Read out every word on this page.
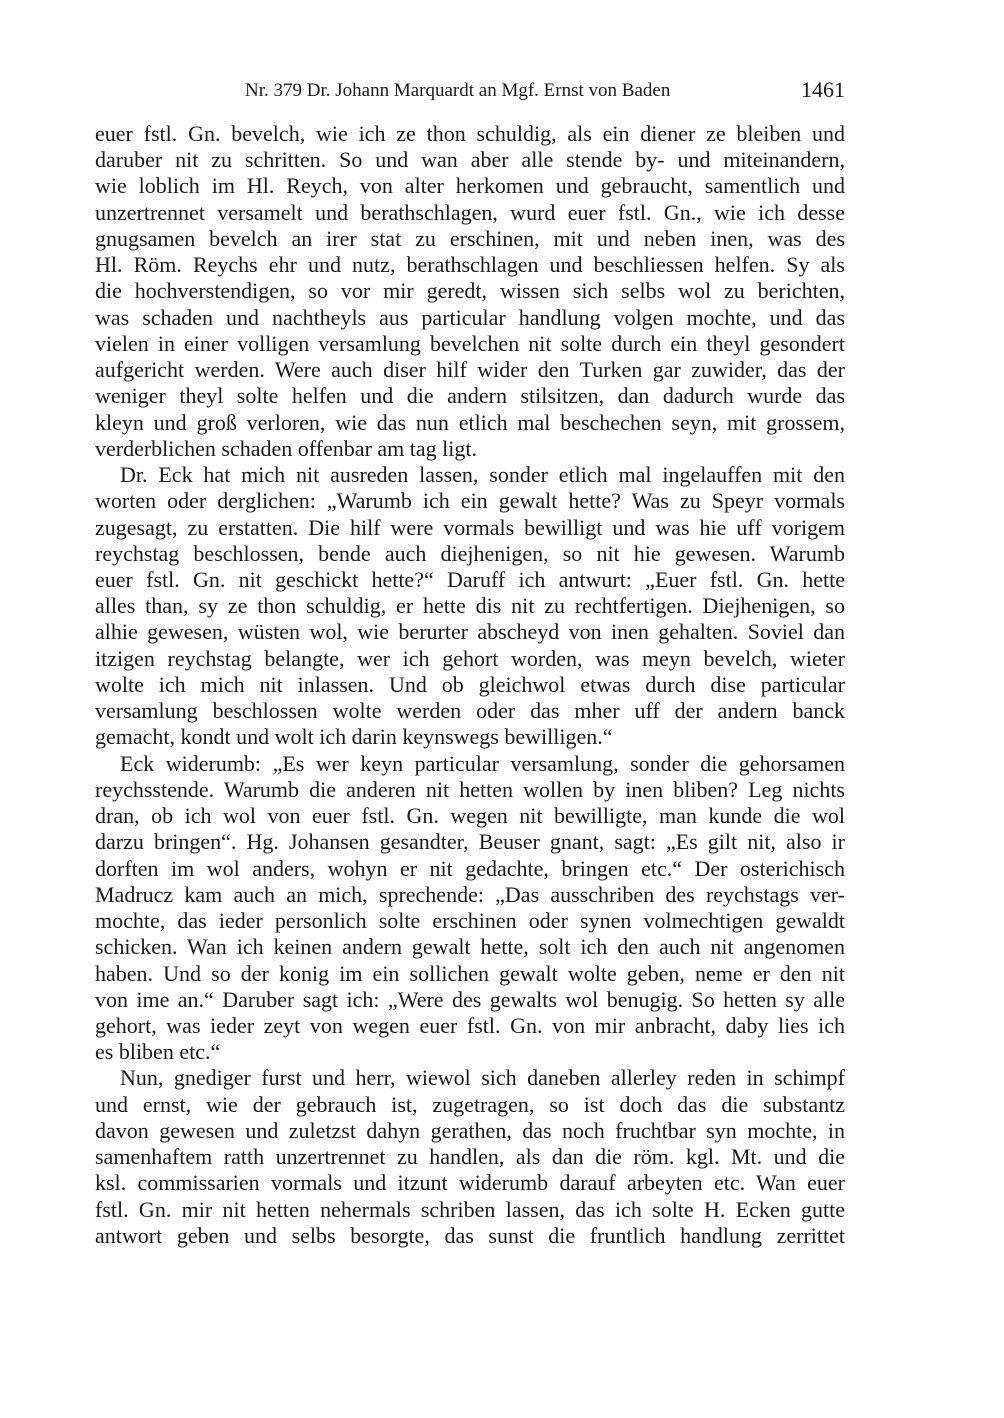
Nr. 379 Dr. Johann Marquardt an Mgf. Ernst von Baden	1461
euer fstl. Gn. bevelch, wie ich ze thon schuldig, als ein diener ze bleiben und
daruber nit zu schritten. So und wan aber alle stende by- und miteinandern,
wie loblich im Hl. Reych, von alter herkomen und gebraucht, samentlich und
unzertrennet versamelt und berathschlagen, wurd euer fstl. Gn., wie ich desse
gnugsamen bevelch an irer stat zu erschinen, mit und neben inen, was des
Hl. Röm. Reychs ehr und nutz, berathschlagen und beschliessen helfen. Sy als
die hochverstendigen, so vor mir geredt, wissen sich selbs wol zu berichten,
was schaden und nachtheyls aus particular handlung volgen mochte, und das
vielen in einer volligen versamlung bevelchen nit solte durch ein theyl gesondert
aufgericht werden. Were auch diser hilf wider den Turken gar zuwider, das der
weniger theyl solte helfen und die andern stilsitzen, dan dadurch wurde das
kleyn und groß verloren, wie das nun etlich mal beschechen seyn, mit grossem,
verderblichen schaden offenbar am tag ligt.
Dr. Eck hat mich nit ausreden lassen, sonder etlich mal ingelauffen mit den
worten oder derglichen: „Warumb ich ein gewalt hette? Was zu Speyr vormals
zugesagt, zu erstatten. Die hilf were vormals bewilligt und was hie uff vorigem
reychstag beschlossen, bende auch diejhenigen, so nit hie gewesen. Warumb
euer fstl. Gn. nit geschickt hette?“ Daruff ich antwurt: „Euer fstl. Gn. hette
alles than, sy ze thon schuldig, er hette dis nit zu rechtfertigen. Diejhenigen, so
alhie gewesen, wüsten wol, wie berurter abscheyd von inen gehalten. Soviel dan
itzigen reychstag belangte, wer ich gehort worden, was meyn bevelch, wieter
wolte ich mich nit inlassen. Und ob gleichwol etwas durch dise particular
versamlung beschlossen wolte werden oder das mher uff der andern banck
gemacht, kondt und wolt ich darin keynswegs bewilligen.“
Eck widerumb: „Es wer keyn particular versamlung, sonder die gehorsamen
reychsstende. Warumb die anderen nit hetten wollen by inen bliben? Leg nichts
dran, ob ich wol von euer fstl. Gn. wegen nit bewilligte, man kunde die wol
darzu bringen“. Hg. Johansen gesandter, Beuser gnant, sagt: „Es gilt nit, also ir
dorften im wol anders, wohyn er nit gedachte, bringen etc.“ Der osterichisch
Madrucz kam auch an mich, sprechende: „Das ausschriben des reychstags ver-
mochte, das ieder personlich solte erschinen oder synen volmechtigen gewaldt
schicken. Wan ich keinen andern gewalt hette, solt ich den auch nit angenomen
haben. Und so der konig im ein sollichen gewalt wolte geben, neme er den nit
von ime an.“ Daruber sagt ich: „Were des gewalts wol benugig. So hetten sy alle
gehort, was ieder zeyt von wegen euer fstl. Gn. von mir anbracht, daby lies ich
es bliben etc.“
Nun, gnediger furst und herr, wiewol sich daneben allerley reden in schimpf
und ernst, wie der gebrauch ist, zugetragen, so ist doch das die substantz
davon gewesen und zuletzst dahyn gerathen, das noch fruchtbar syn mochte, in
samenhaftem ratth unzertrennet zu handlen, als dan die röm. kgl. Mt. und die
ksl. commissarien vormals und itzunt widerumb darauf arbeyten etc. Wan euer
fstl. Gn. mir nit hetten nehermals schriben lassen, das ich solte H. Ecken gutte
antwort geben und selbs besorgte, das sunst die fruntlich handlung zerrittet
